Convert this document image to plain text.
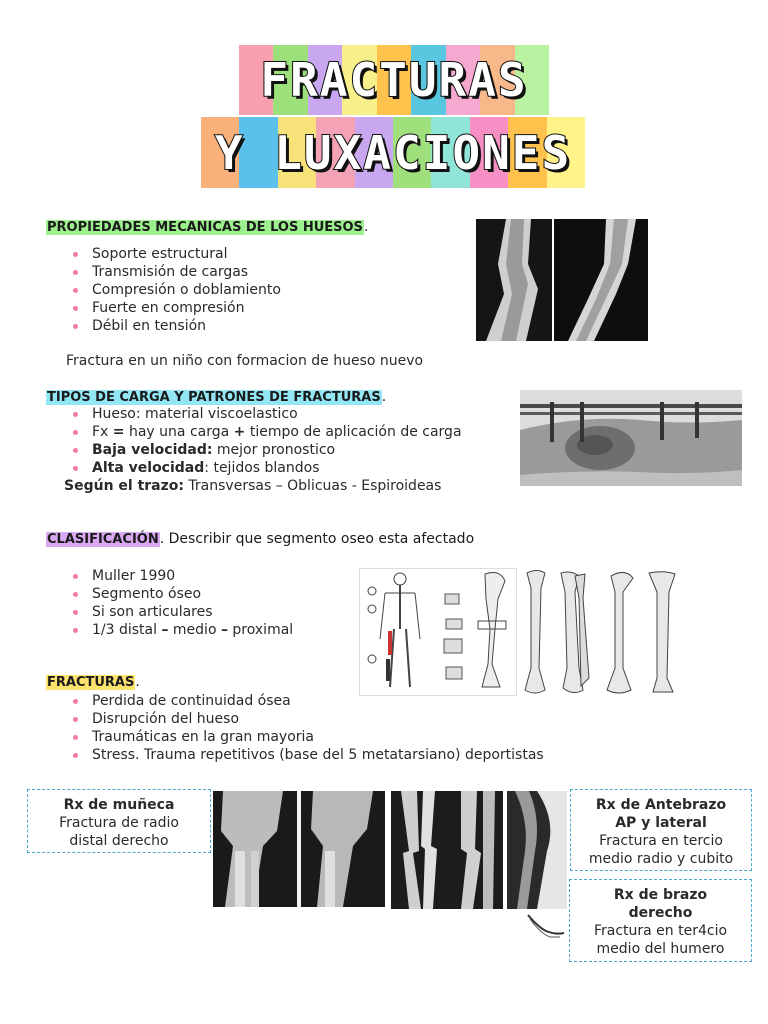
FRACTURAS
Y LUXACIONES
PROPIEDADES MECANICAS DE LOS HUESOS.
Soporte estructural
Transmisión de cargas
Compresión o doblamiento
Fuerte en compresión
Débil en tensión
Fractura en un niño con formacion de hueso nuevo
TIPOS DE CARGA Y PATRONES DE FRACTURAS.
Hueso: material viscoelastico
Fx = hay una carga + tiempo de aplicación de carga
Baja velocidad: mejor pronostico
Alta velocidad: tejidos blandos
Según el trazo: Transversas – Oblicuas - Espiroideas
CLASIFICACIÓN. Describir que segmento oseo esta afectado
Muller 1990
Segmento óseo
Si son articulares
1/3 distal – medio – proximal
FRACTURAS.
Perdida de continuidad ósea
Disrupción del hueso
Traumáticas en la gran mayoria
Stress. Trauma repetitivos (base del 5 metatarsiano) deportistas
Rx de muñeca
Fractura de radio
distal derecho
Rx de Antebrazo
AP y lateral
Fractura en tercio
medio radio y cubito
Rx de brazo
derecho
Fractura en ter4cio
medio del humero
